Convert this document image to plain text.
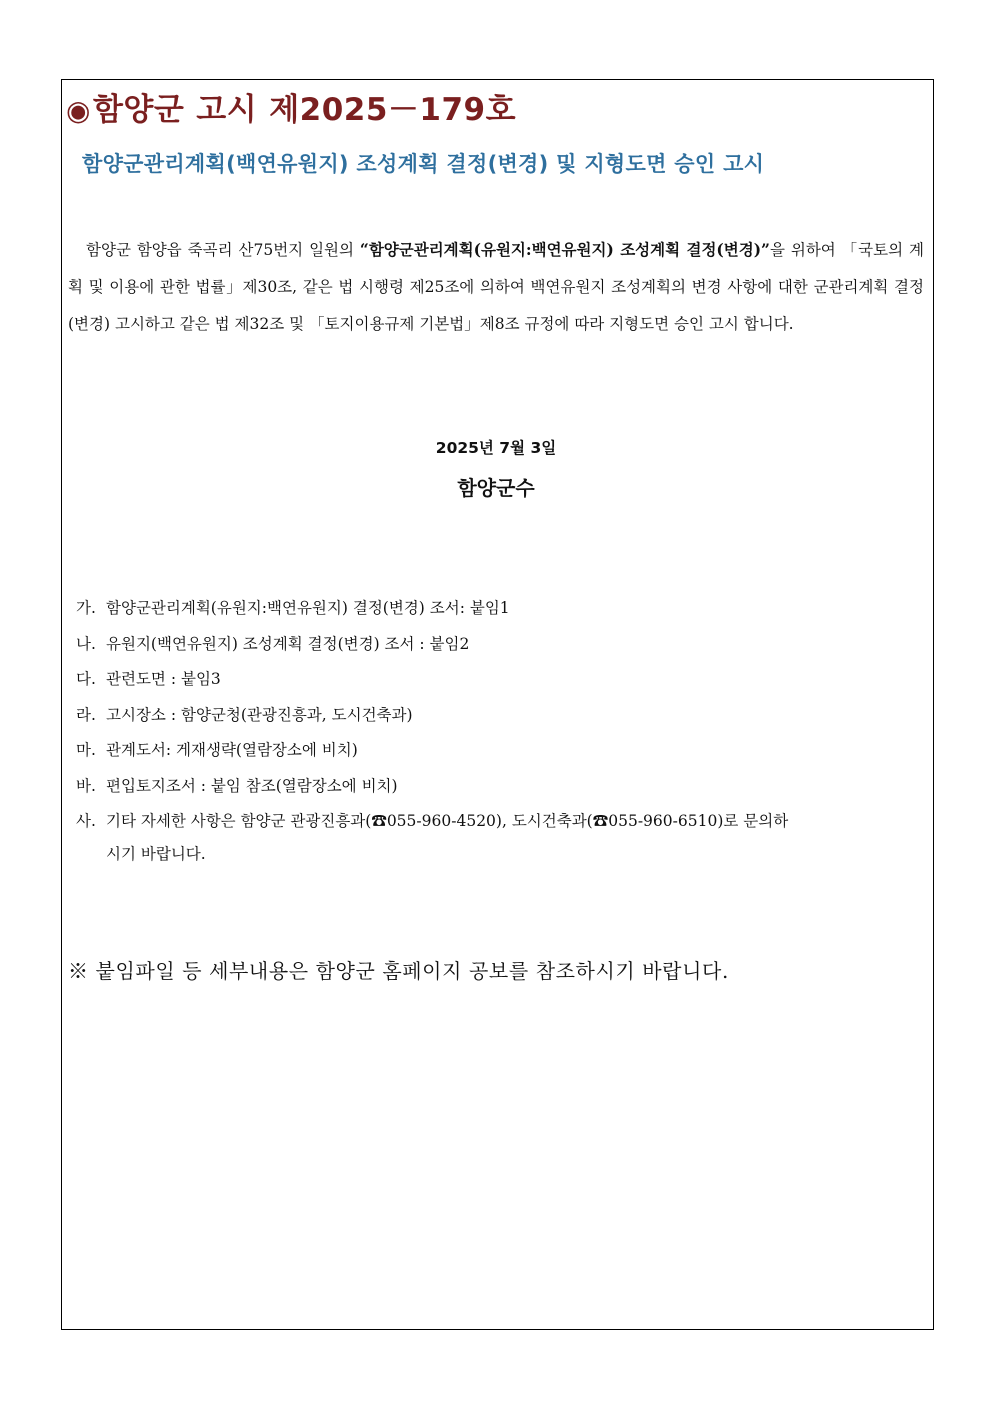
◉함양군 고시 제2025－179호
함양군관리계획(백연유원지) 조성계획 결정(변경) 및 지형도면 승인 고시

함양군 함양읍 죽곡리 산75번지 일원의 “함양군관리계획(유원지:백연유원지) 조성계획 결정(변경)”을 위하여 「국토의 계획 및 이용에 관한 법률」제30조, 같은 법 시행령 제25조에 의하여 백연유원지 조성계획의 변경 사항에 대한 군관리계획 결정(변경) 고시하고 같은 법 제32조 및 「토지이용규제 기본법」제8조 규정에 따라 지형도면 승인 고시 합니다.

2025년 7월 3일
함양군수
가. 함양군관리계획(유원지:백연유원지) 결정(변경) 조서: 붙임1
나. 유원지(백연유원지) 조성계획 결정(변경) 조서 : 붙임2
다. 관련도면 : 붙임3
라. 고시장소 : 함양군청(관광진흥과, 도시건축과)
마. 관계도서: 게재생략(열람장소에 비치)
바. 편입토지조서 : 붙임 참조(열람장소에 비치)
사. 기타 자세한 사항은 함양군 관광진흥과(☎055-960-4520), 도시건축과(☎055-960-6510)로 문의하
시기 바랍니다.

※ 붙임파일 등 세부내용은 함양군 홈페이지 공보를 참조하시기 바랍니다.
